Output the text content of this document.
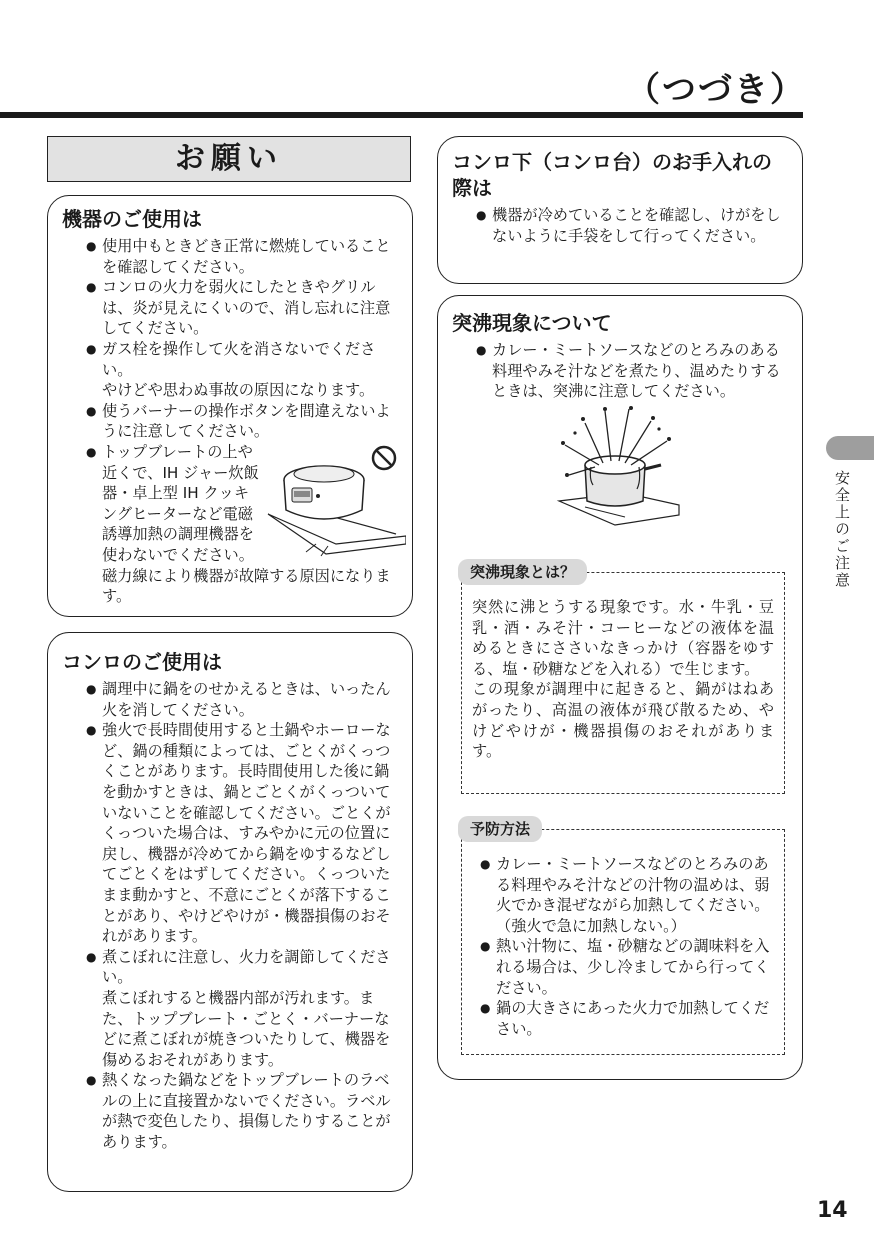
（つづき）
お願い
機器のご使用は
● 使用中もときどき正常に燃焼していることを確認してください。
● コンロの火力を弱火にしたときやグリルは、炎が見えにくいので、消し忘れに注意してください。
● ガス栓を操作して火を消さないでください。
やけどや思わぬ事故の原因になります。
● 使うバーナーの操作ボタンを間違えないように注意してください。
● トップブレートの上や近くで、IH ジャー炊飯器・卓上型 IH クッキングヒーターなど電磁誘導加熱の調理機器を使わないでください。磁力線により機器が故障する原因になります。
コンロのご使用は
● 調理中に鍋をのせかえるときは、いったん火を消してください。
● 強火で長時間使用すると土鍋やホーローなど、鍋の種類によっては、ごとくがくっつくことがあります。長時間使用した後に鍋を動かすときは、鍋とごとくがくっついていないことを確認してください。ごとくがくっついた場合は、すみやかに元の位置に戻し、機器が冷めてから鍋をゆするなどしてごとくをはずしてください。くっついたまま動かすと、不意にごとくが落下することがあり、やけどやけが・機器損傷のおそれがあります。
● 煮こぼれに注意し、火力を調節してください。
煮こぼれすると機器内部が汚れます。また、トップブレート・ごとく・バーナーなどに煮こぼれが焼きついたりして、機器を傷めるおそれがあります。
● 熱くなった鍋などをトップブレートのラベルの上に直接置かないでください。ラベルが熱で変色したり、損傷したりすることがあります。
コンロ下（コンロ台）のお手入れの際は
● 機器が冷めていることを確認し、けがをしないように手袋をして行ってください。
突沸現象について
● カレー・ミートソースなどのとろみのある料理やみそ汁などを煮たり、温めたりするときは、突沸に注意してください。
突沸現象とは？

突然に沸とうする現象です。水・牛乳・豆乳・酒・みそ汁・コーヒーなどの液体を温めるときにささいなきっかけ（容器をゆする、塩・砂糖などを入れる）で生じます。

この現象が調理中に起きると、鍋がはねあがったり、高温の液体が飛び散るため、やけどやけが・機器損傷のおそれがあります。

予防方法
● カレー・ミートソースなどのとろみのある料理やみそ汁などの汁物の温めは、弱火でかき混ぜながら加熱してください。（強火で急に加熱しない。）
● 熱い汁物に、塩・砂糖などの調味料を入れる場合は、少し冷ましてから行ってください。
● 鍋の大きさにあった火力で加熱してください。
安全上のご注意
14
